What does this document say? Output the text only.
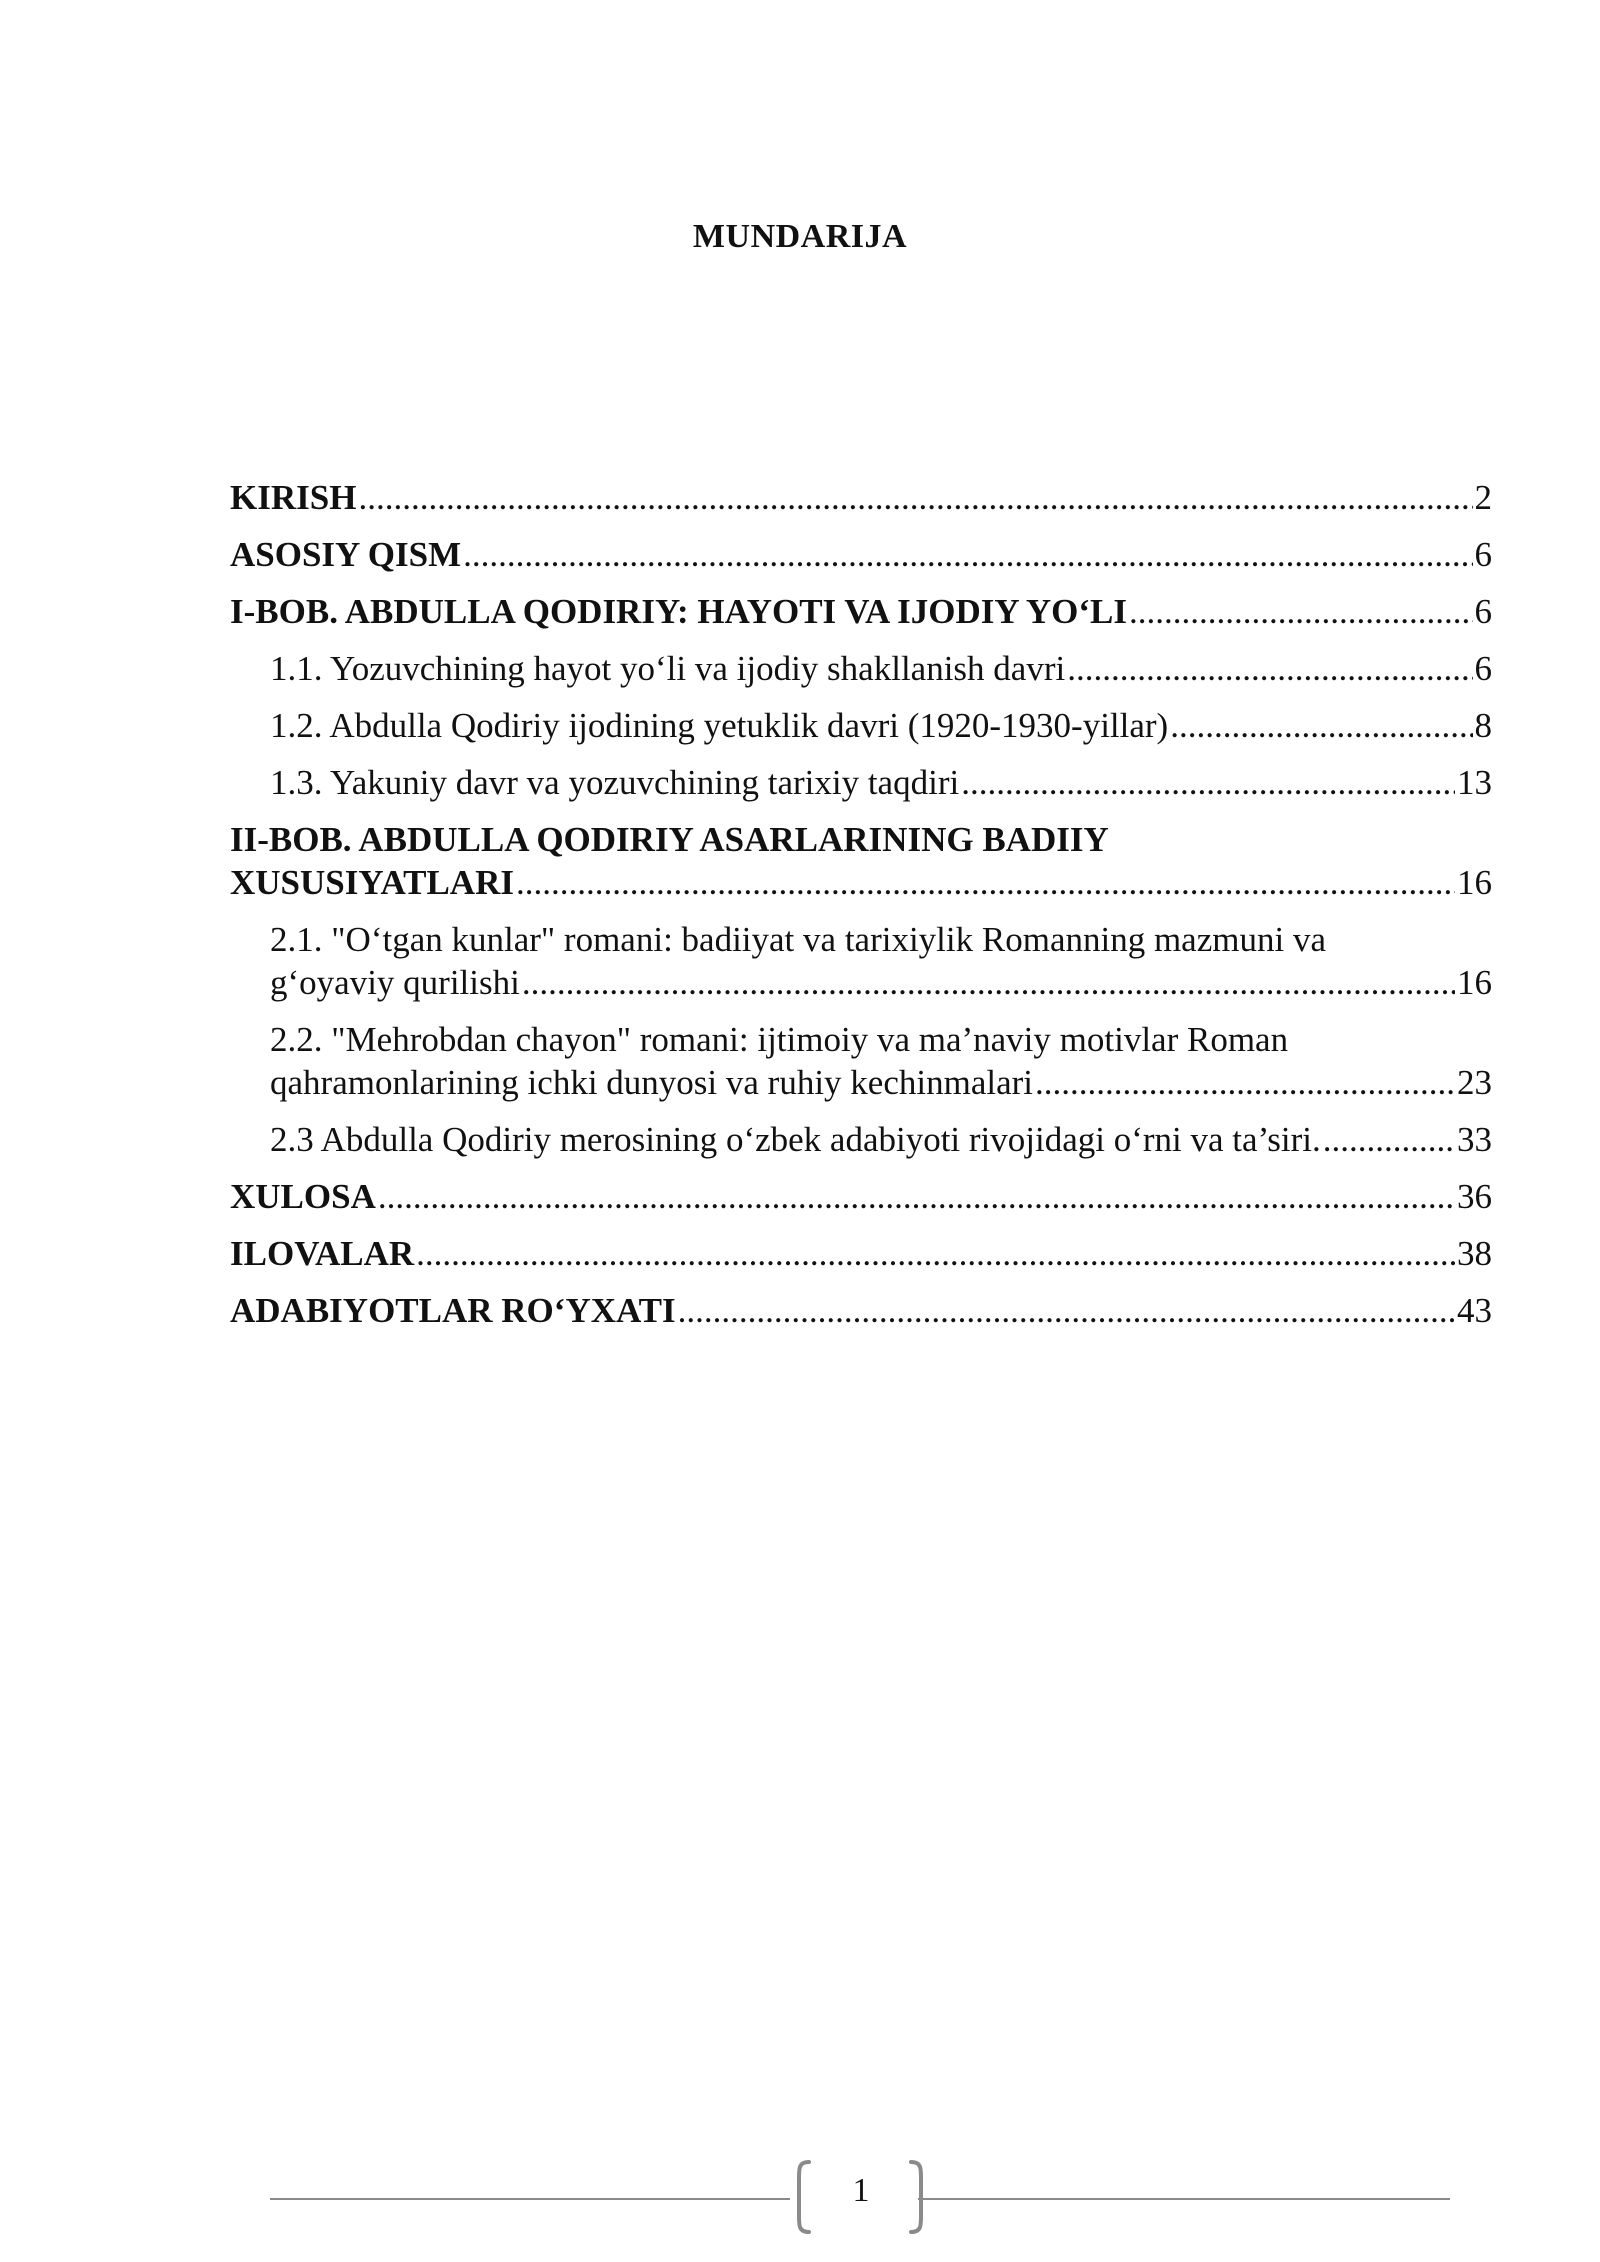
MUNDARIJA
KIRISH .....	2
ASOSIY QISM .....	6
I-BOB. ABDULLA QODIRIY: HAYOTI VA IJODIY YO‘LI .....	6
1.1. Yozuvchining hayot yo‘li va ijodiy shakllanish davri .....	6
1.2. Abdulla Qodiriy ijodining yetuklik davri (1920-1930-yillar) .....	8
1.3. Yakuniy davr va yozuvchining tarixiy taqdiri .....	13
II-BOB. ABDULLA QODIRIY ASARLARINING BADIIY
XUSUSIYATLARI .....	16
2.1. "O‘tgan kunlar" romani: badiiyat va tarixiylik Romanning mazmuni va
g‘oyaviy qurilishi .....	16
2.2. "Mehrobdan chayon" romani: ijtimoiy va ma’naviy motivlar Roman
qahramonlarining ichki dunyosi va ruhiy kechinmalari .....	23
2.3 Abdulla Qodiriy merosining o‘zbek adabiyoti rivojidagi o‘rni va ta’siri. .....	33
XULOSA .....	36
ILOVALAR .....	38
ADABIYOTLAR RO‘YXATI .....	43
1
